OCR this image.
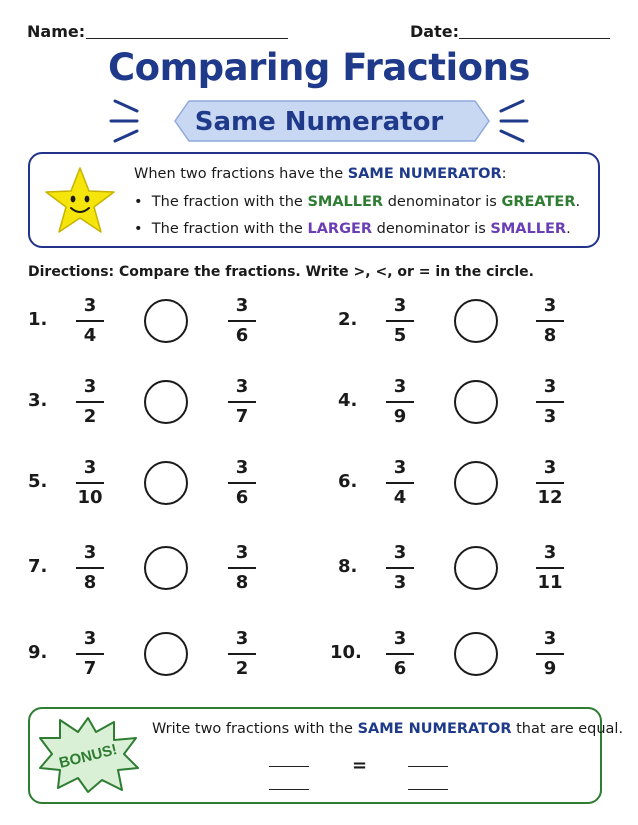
Name:	Date:
Comparing Fractions
Same Numerator
When two fractions have the SAME NUMERATOR:
•  The fraction with the SMALLER denominator is GREATER.
•  The fraction with the LARGER denominator is SMALLER.
Directions: Compare the fractions. Write >, <, or = in the circle.
1.
3
4
3
6
2.
3
5
3
8
3.
3
2
3
7
4.
3
9
3
3
5.
3
10
3
6
6.
3
4
3
12
7.
3
8
3
8
8.
3
3
3
11
9.
3
7
3
2
10.
3
6
3
9
BONUS!
Write two fractions with the SAME NUMERATOR that are equal.
=
